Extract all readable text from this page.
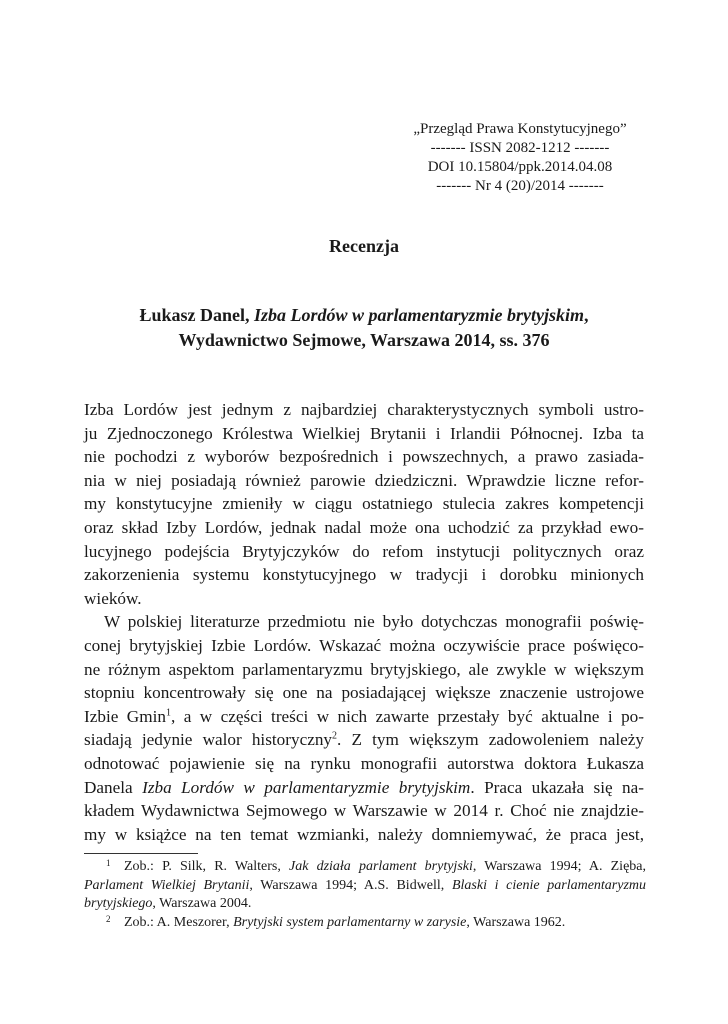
„Przegląd Prawa Konstytucyjnego”
------- ISSN 2082-1212 -------
DOI 10.15804/ppk.2014.04.08
------- Nr 4 (20)/2014 -------
Recenzja
Łukasz Danel, Izba Lordów w parlamentaryzmie brytyjskim,
Wydawnictwo Sejmowe, Warszawa 2014, ss. 376

Izba Lordów jest jednym z najbardziej charakterystycznych symboli ustro-
ju Zjednoczonego Królestwa Wielkiej Brytanii i Irlandii Północnej. Izba ta
nie pochodzi z wyborów bezpośrednich i powszechnych, a prawo zasiada-
nia w niej posiadają również parowie dziedziczni. Wprawdzie liczne refor-
my konstytucyjne zmieniły w ciągu ostatniego stulecia zakres kompetencji
oraz skład Izby Lordów, jednak nadal może ona uchodzić za przykład ewo-
lucyjnego podejścia Brytyjczyków do refom instytucji politycznych oraz
zakorzenienia systemu konstytucyjnego w tradycji i dorobku minionych
wieków.

W polskiej literaturze przedmiotu nie było dotychczas monografii poświę-
conej brytyjskiej Izbie Lordów. Wskazać można oczywiście prace poświęco-
ne różnym aspektom parlamentaryzmu brytyjskiego, ale zwykle w większym
stopniu koncentrowały się one na posiadającej większe znaczenie ustrojowe
Izbie Gmin$^1$, a w części treści w nich zawarte przestały być aktualne i po-
siadają jedynie walor historyczny$^2$. Z tym większym zadowoleniem należy
odnotować pojawienie się na rynku monografii autorstwa doktora Łukasza
Danela Izba Lordów w parlamentaryzmie brytyjskim. Praca ukazała się na-
kładem Wydawnictwa Sejmowego w Warszawie w 2014 r. Choć nie znajdzie-
my w książce na ten temat wzmianki, należy domniemywać, że praca jest,

1 Zob.: P. Silk, R. Walters, Jak działa parlament brytyjski, Warszawa 1994; A. Zięba,
Parlament Wielkiej Brytanii, Warszawa 1994; A.S. Bidwell, Blaski i cienie parlamentaryzmu
brytyjskiego, Warszawa 2004.
2 Zob.: A. Meszorer, Brytyjski system parlamentarny w zarysie, Warszawa 1962.
